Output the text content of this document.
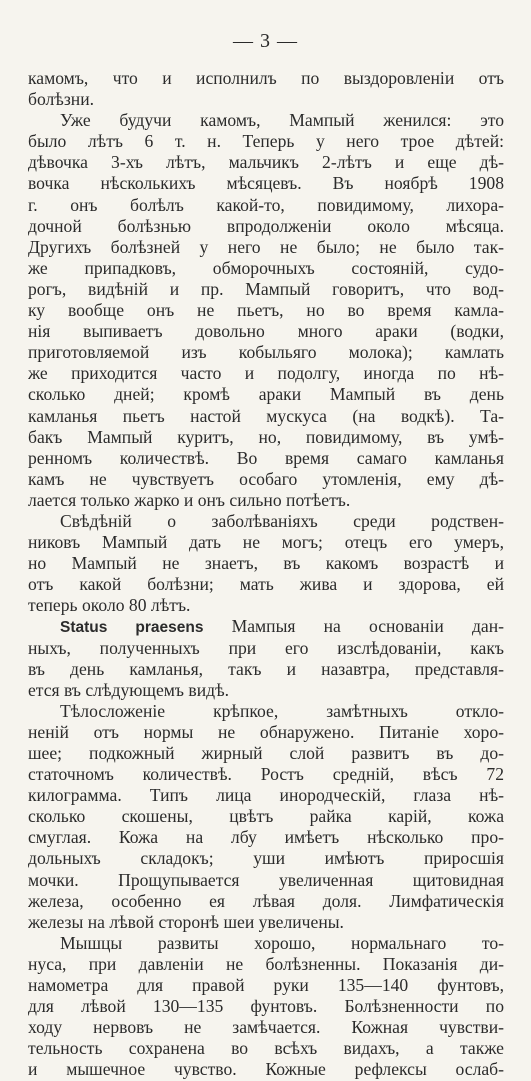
— 3 —
камомъ, что и исполнилъ по выздоровленіи отъ
болѣзни.
Уже будучи камомъ, Мампый женился: это
было лѣтъ 6 т. н. Теперь у него трое дѣтей:
дѣвочка 3-хъ лѣтъ, мальчикъ 2-лѣтъ и еще дѣ-
вочка нѣсколькихъ мѣсяцевъ. Въ ноябрѣ 1908
г. онъ болѣлъ какой-то, повидимому, лихора-
дочной болѣзнью впродолженіи около мѣсяца.
Другихъ болѣзней у него не было; не было так-
же припадковъ, обморочныхъ состояній, судо-
рогъ, видѣній и пр. Мампый говоритъ, что вод-
ку вообще онъ не пьетъ, но во время камла-
нія выпиваетъ довольно много араки (водки,
приготовляемой изъ кобыльяго молока); камлать
же приходится часто и подолгу, иногда по нѣ-
сколько дней; кромѣ араки Мампый въ день
камланья пьетъ настой мускуса (на водкѣ). Та-
бакъ Мампый куритъ, но, повидимому, въ умѣ-
ренномъ количествѣ. Во время самаго камланья
камъ не чувствуетъ особаго утомленія, ему дѣ-
лается только жарко и онъ сильно потѣетъ.
Свѣдѣній о заболѣваніяхъ среди родствен-
никовъ Мампый дать не могъ; отецъ его умеръ,
но Мампый не знаетъ, въ какомъ возрастѣ и
отъ какой болѣзни; мать жива и здорова, ей
теперь около 80 лѣтъ.
Status praesens Мампыя на основаніи дан-
ныхъ, полученныхъ при его изслѣдованіи, какъ
въ день камланья, такъ и назавтра, представля-
ется въ слѣдующемъ видѣ.
Тѣлосложеніе крѣпкое, замѣтныхъ откло-
неній отъ нормы не обнаружено. Питаніе хоро-
шее; подкожный жирный слой развитъ въ до-
статочномъ количествѣ. Ростъ средній, вѣсъ 72
килограмма. Типъ лица инородческій, глаза нѣ-
сколько скошены, цвѣтъ райка карій, кожа
смуглая. Кожа на лбу имѣетъ нѣсколько про-
дольныхъ складокъ; уши имѣютъ приросшія
мочки. Прощупывается увеличенная щитовидная
железа, особенно ея лѣвая доля. Лимфатическія
железы на лѣвой сторонѣ шеи увеличены.
Мышцы развиты хорошо, нормальнаго то-
нуса, при давленіи не болѣзненны. Показанія ди-
намометра для правой руки 135—140 фунтовъ,
для лѣвой 130—135 фунтовъ. Болѣзненности по
ходу нервовъ не замѣчается. Кожная чувстви-
тельность сохранена во всѣхъ видахъ, а также
и мышечное чувство. Кожные рефлексы ослаб-
